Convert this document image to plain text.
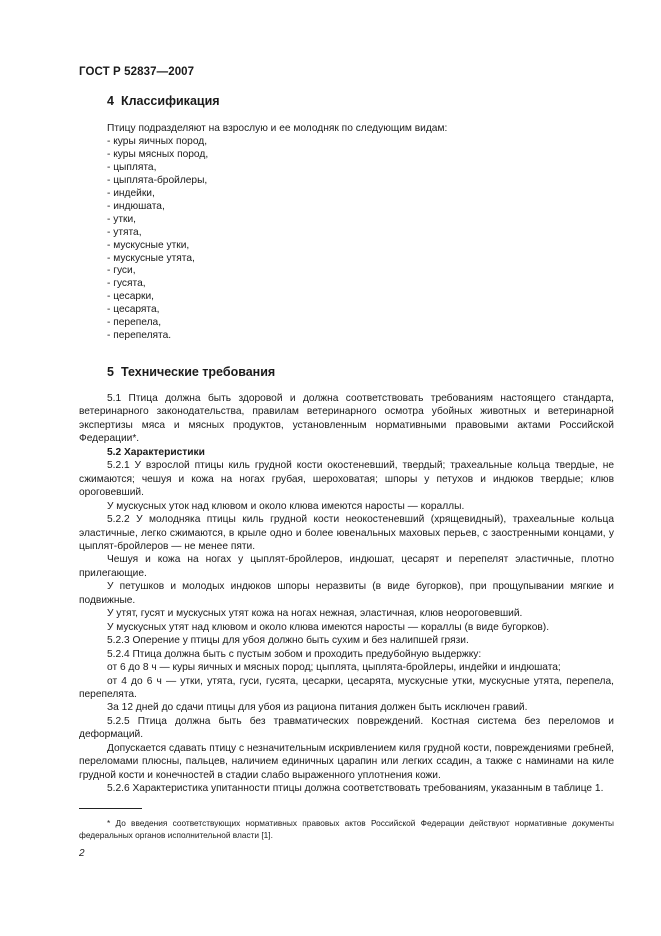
ГОСТ Р 52837—2007
4 Классификация
Птицу подразделяют на взрослую и ее молодняк по следующим видам:
- куры яичных пород,
- куры мясных пород,
- цыплята,
- цыплята-бройлеры,
- индейки,
- индюшата,
- утки,
- утята,
- мускусные утки,
- мускусные утята,
- гуси,
- гусята,
- цесарки,
- цесарята,
- перепела,
- перепелята.
5 Технические требования

5.1 Птица должна быть здоровой и должна соответствовать требованиям настоящего стандарта, ветеринарного законодательства, правилам ветеринарного осмотра убойных животных и ветеринарной экспертизы мяса и мясных продуктов, установленным нормативными правовыми актами Российской Федерации*.

5.2 Характеристики

5.2.1 У взрослой птицы киль грудной кости окостеневший, твердый; трахеальные кольца твердые, не сжимаются; чешуя и кожа на ногах грубая, шероховатая; шпоры у петухов и индюков твердые; клюв ороговевший.

У мускусных уток над клювом и около клюва имеются наросты — кораллы.

5.2.2 У молодняка птицы киль грудной кости неокостеневший (хрящевидный), трахеальные кольца эластичные, легко сжимаются, в крыле одно и более ювенальных маховых перьев, с заостренными концами, у цыплят-бройлеров — не менее пяти.

Чешуя и кожа на ногах у цыплят-бройлеров, индюшат, цесарят и перепелят эластичные, плотно прилегающие.

У петушков и молодых индюков шпоры неразвиты (в виде бугорков), при прощупывании мягкие и подвижные.

У утят, гусят и мускусных утят кожа на ногах нежная, эластичная, клюв неороговевший.

У мускусных утят над клювом и около клюва имеются наросты — кораллы (в виде бугорков).

5.2.3 Оперение у птицы для убоя должно быть сухим и без налипшей грязи.

5.2.4 Птица должна быть с пустым зобом и проходить предубойную выдержку:

от 6 до 8 ч — куры яичных и мясных пород; цыплята, цыплята-бройлеры, индейки и индюшата;

от 4 до 6 ч — утки, утята, гуси, гусята, цесарки, цесарята, мускусные утки, мускусные утята, перепела, перепелята.

За 12 дней до сдачи птицы для убоя из рациона питания должен быть исключен гравий.

5.2.5 Птица должна быть без травматических повреждений. Костная система без переломов и деформаций.

Допускается сдавать птицу с незначительным искривлением киля грудной кости, повреждениями гребней, переломами плюсны, пальцев, наличием единичных царапин или легких ссадин, а также с наминами на киле грудной кости и конечностей в стадии слабо выраженного уплотнения кожи.

5.2.6 Характеристика упитанности птицы должна соответствовать требованиям, указанным в таблице 1.

* До введения соответствующих нормативных правовых актов Российской Федерации действуют нормативные документы федеральных органов исполнительной власти [1].

2
